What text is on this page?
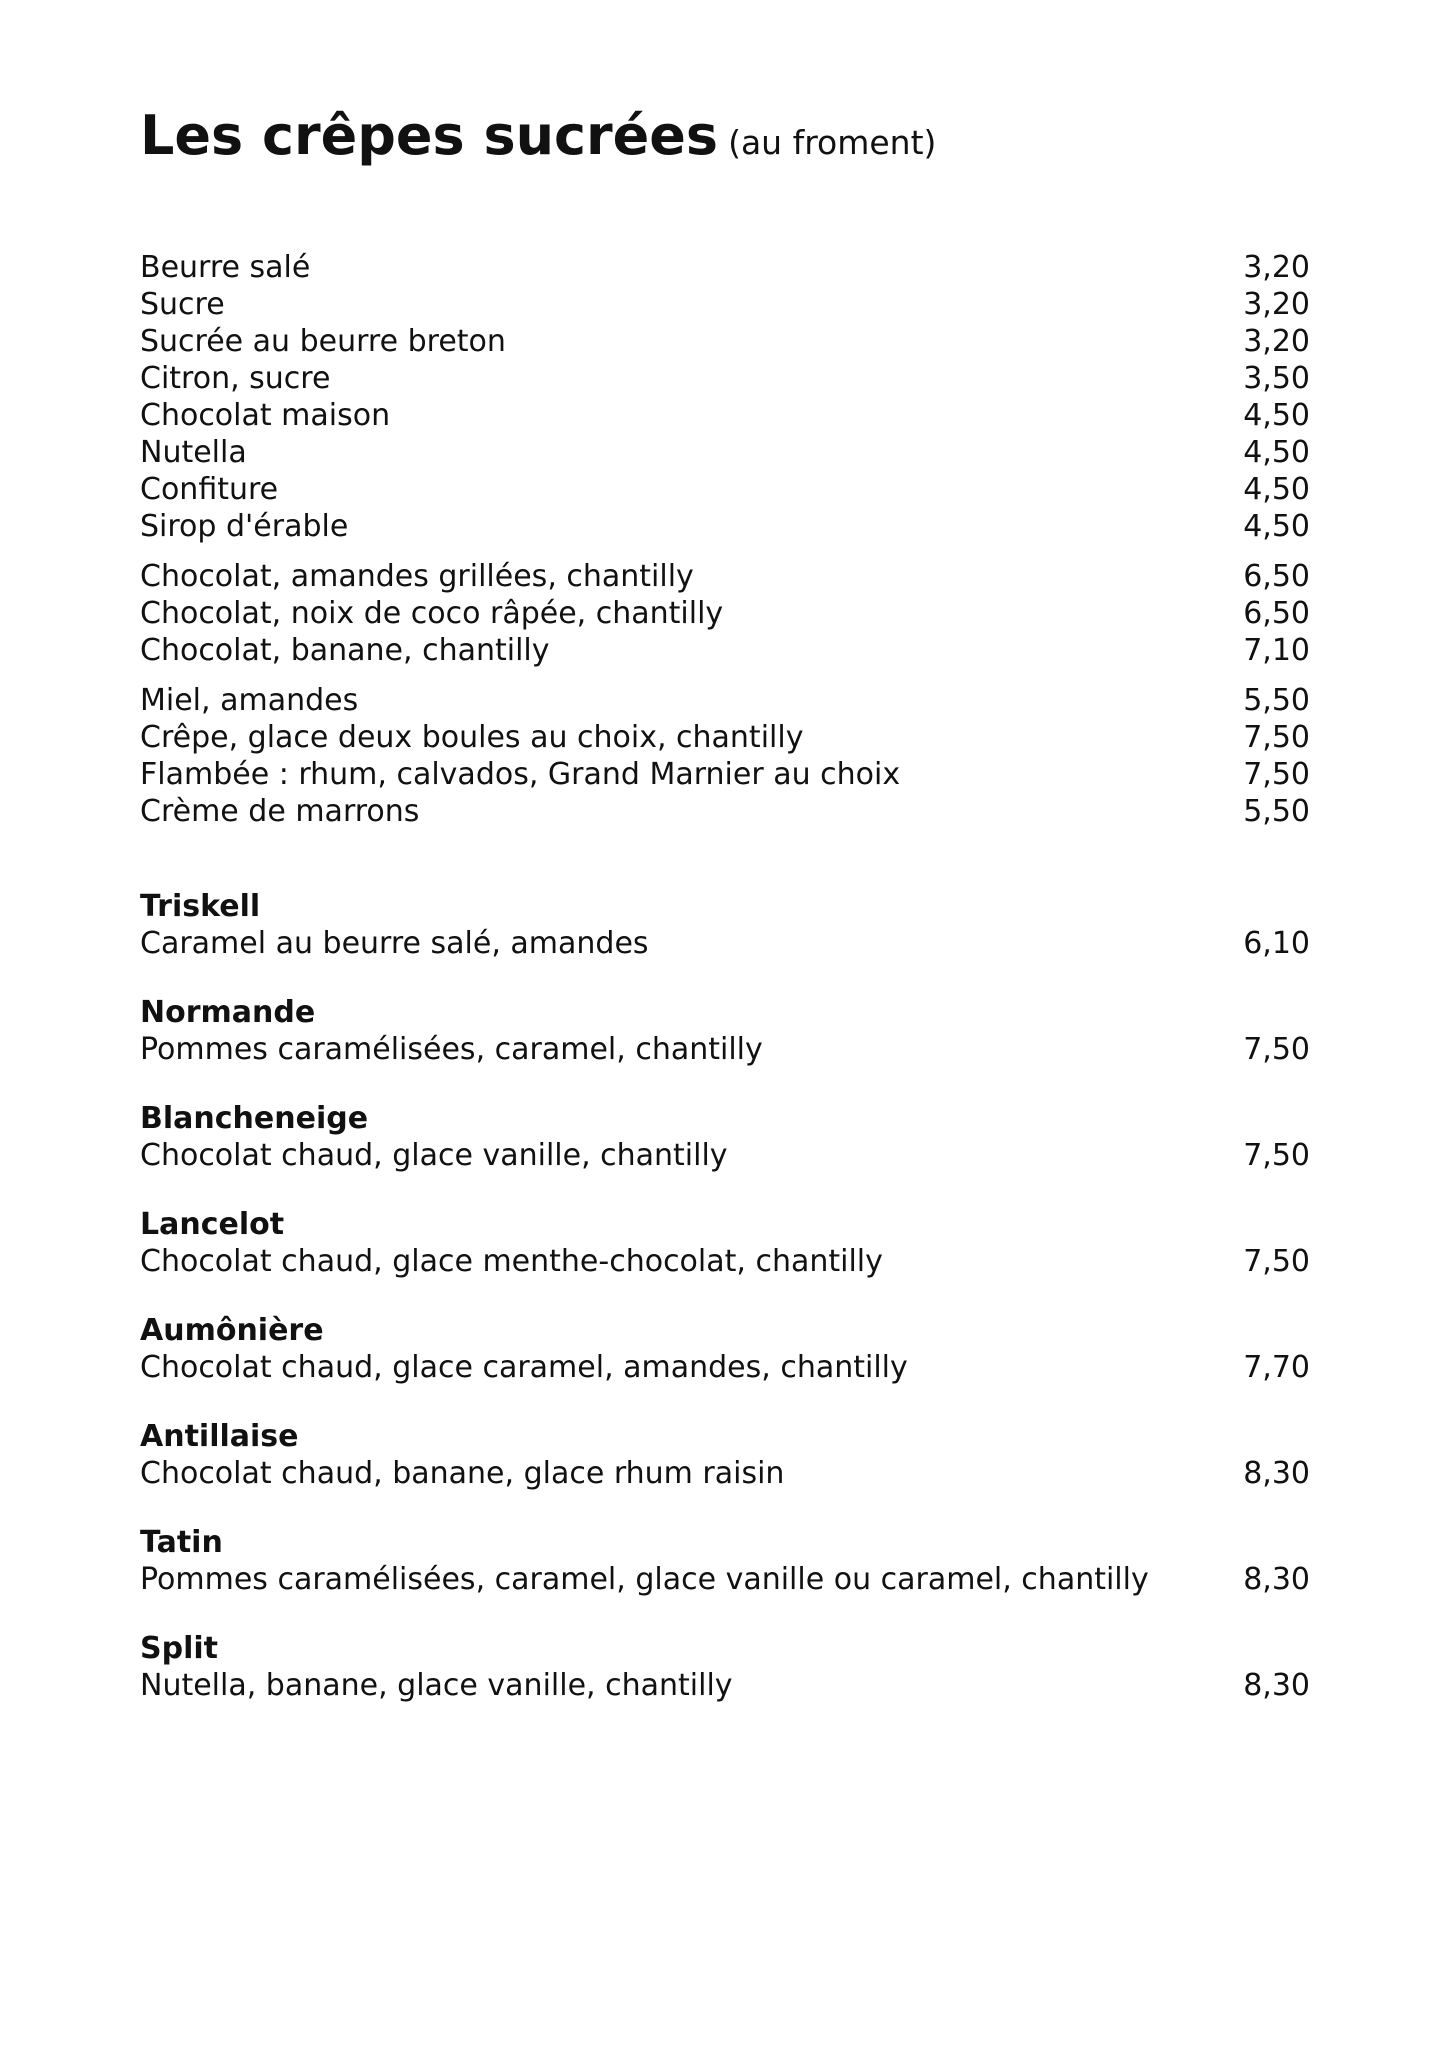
Les crêpes sucrées (au froment)
Beurre salé	3,20
Sucre	3,20
Sucrée au beurre breton	3,20
Citron, sucre	3,50
Chocolat maison	4,50
Nutella	4,50
Confiture	4,50
Sirop d'érable	4,50
Chocolat, amandes grillées, chantilly	6,50
Chocolat, noix de coco râpée, chantilly	6,50
Chocolat, banane, chantilly	7,10
Miel, amandes	5,50
Crêpe, glace deux boules au choix, chantilly	7,50
Flambée : rhum, calvados, Grand Marnier au choix	7,50
Crème de marrons	5,50
Triskell
Caramel au beurre salé, amandes	6,10
Normande
Pommes caramélisées, caramel, chantilly	7,50
Blancheneige
Chocolat chaud, glace vanille, chantilly	7,50
Lancelot
Chocolat chaud, glace menthe-chocolat, chantilly	7,50
Aumônière
Chocolat chaud, glace caramel, amandes, chantilly	7,70
Antillaise
Chocolat chaud, banane, glace rhum raisin	8,30
Tatin
Pommes caramélisées, caramel, glace vanille ou caramel, chantilly	8,30
Split
Nutella, banane, glace vanille, chantilly	8,30
